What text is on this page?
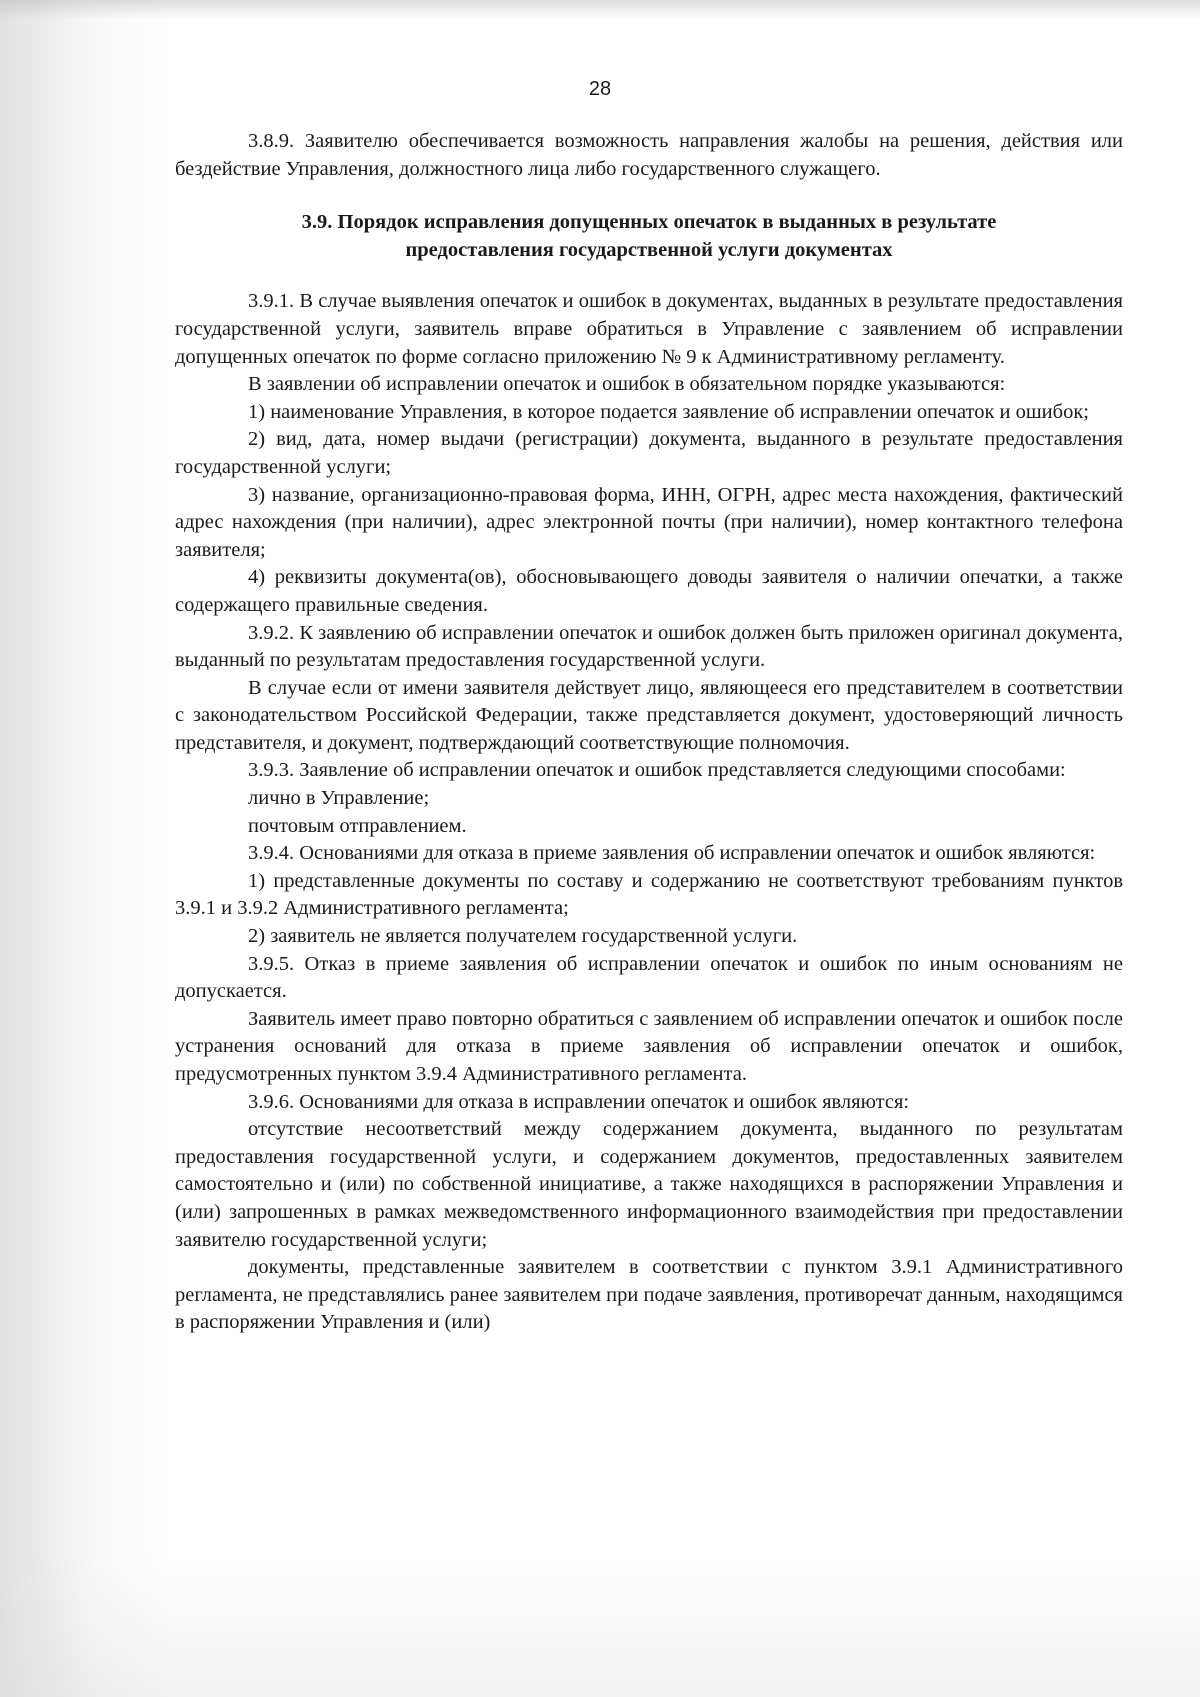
28

3.8.9. Заявителю обеспечивается возможность направления жалобы на решения, действия или бездействие Управления, должностного лица либо государственного служащего.

3.9. Порядок исправления допущенных опечаток в выданных в результате

предоставления государственной услуги документах

3.9.1. В случае выявления опечаток и ошибок в документах, выданных в результате предоставления государственной услуги, заявитель вправе обратиться в Управление с заявлением об исправлении допущенных опечаток по форме согласно приложению № 9 к Административному регламенту.

В заявлении об исправлении опечаток и ошибок в обязательном порядке указываются:

1) наименование Управления, в которое подается заявление об исправлении опечаток и ошибок;

2) вид, дата, номер выдачи (регистрации) документа, выданного в результате предоставления государственной услуги;

3) название, организационно-правовая форма, ИНН, ОГРН, адрес места нахождения, фактический адрес нахождения (при наличии), адрес электронной почты (при наличии), номер контактного телефона заявителя;

4) реквизиты документа(ов), обосновывающего доводы заявителя о наличии опечатки, а также содержащего правильные сведения.

3.9.2. К заявлению об исправлении опечаток и ошибок должен быть приложен оригинал документа, выданный по результатам предоставления государственной услуги.

В случае если от имени заявителя действует лицо, являющееся его представителем в соответствии с законодательством Российской Федерации, также представляется документ, удостоверяющий личность представителя, и документ, подтверждающий соответствующие полномочия.

3.9.3. Заявление об исправлении опечаток и ошибок представляется следующими способами:

лично в Управление;

почтовым отправлением.

3.9.4. Основаниями для отказа в приеме заявления об исправлении опечаток и ошибок являются:

1) представленные документы по составу и содержанию не соответствуют требованиям пунктов 3.9.1 и 3.9.2 Административного регламента;

2) заявитель не является получателем государственной услуги.

3.9.5. Отказ в приеме заявления об исправлении опечаток и ошибок по иным основаниям не допускается.

Заявитель имеет право повторно обратиться с заявлением об исправлении опечаток и ошибок после устранения оснований для отказа в приеме заявления об исправлении опечаток и ошибок, предусмотренных пунктом 3.9.4 Административного регламента.

3.9.6. Основаниями для отказа в исправлении опечаток и ошибок являются:

отсутствие несоответствий между содержанием документа, выданного по результатам предоставления государственной услуги, и содержанием документов, предоставленных заявителем самостоятельно и (или) по собственной инициативе, а также находящихся в распоряжении Управления и (или) запрошенных в рамках межведомственного информационного взаимодействия при предоставлении заявителю государственной услуги;

документы, представленные заявителем в соответствии с пунктом 3.9.1 Административного регламента, не представлялись ранее заявителем при подаче заявления, противоречат данным, находящимся в распоряжении Управления и (или)
